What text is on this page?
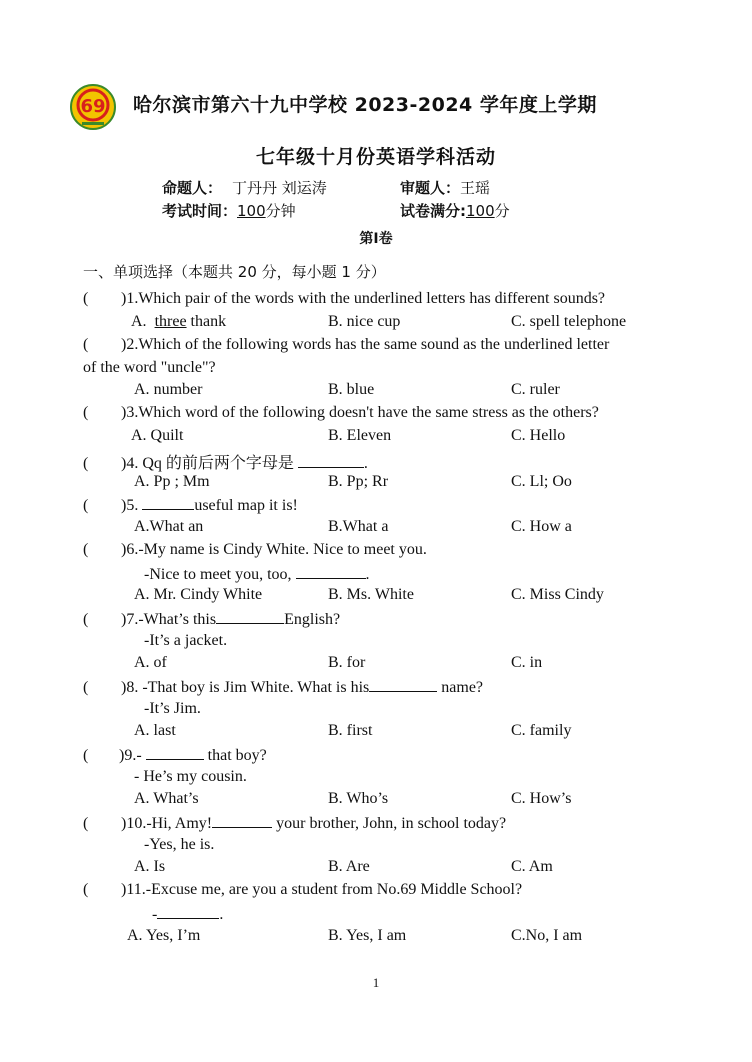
69 哈尔滨市第六十九中学校 2023-2024 学年度上学期
七年级十月份英语学科活动
命题人： 丁丹丹 刘运涛	审题人：王瑶
考试时间：100分钟	试卷满分:100分
第Ⅰ卷
一、单项选择（本题共 20 分，每小题 1 分）
( )1.Which pair of the words with the underlined letters has different sounds?
A. three thank	B. nice cup	C. spell telephone
( )2.Which of the following words has the same sound as the underlined letter
of the word "uncle"?
A. number	B. blue	C. ruler
( )3.Which word of the following doesn't have the same stress as the others?
A. Quilt	B. Eleven	C. Hello
( )4. Qq 的前后两个字母是	.
A. Pp ; Mm	B. Pp; Rr	C. Ll; Oo
( )5.	useful map it is!
A.What an	B.What a	C. How a
( )6.-My name is Cindy White. Nice to meet you.
-Nice to meet you, too,	.
A. Mr. Cindy White	B. Ms. White	C. Miss Cindy
( )7.-What’s this	English?
-It’s a jacket.
A. of	B. for	C. in
( )8. -That boy is Jim White. What is his	name?
-It’s Jim.
A. last	B. first	C. family
( )9.-	that boy?
- He’s my cousin.
A. What’s	B. Who’s	C. How’s
( )10.-Hi, Amy!	your brother, John, in school today?
-Yes, he is.
A. Is	B. Are	C. Am
( )11.-Excuse me, are you a student from No.69 Middle School?
-	.
A. Yes, I’m	B. Yes, I am	C.No, I am
1
